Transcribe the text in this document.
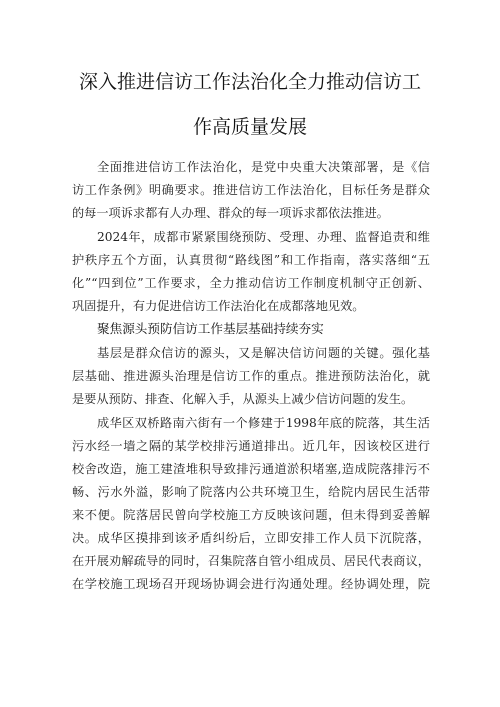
深入推进信访工作法治化全力推动信访工
作高质量发展
全面推进信访工作法治化，是党中央重大决策部署，是《信
访工作条例》明确要求。推进信访工作法治化，目标任务是群众
的每一项诉求都有人办理、群众的每一项诉求都依法推进。
2024年，成都市紧紧围绕预防、受理、办理、监督追责和维
护秩序五个方面，认真贯彻“路线图”和工作指南，落实落细“五
化”“四到位”工作要求，全力推动信访工作制度机制守正创新、
巩固提升，有力促进信访工作法治化在成都落地见效。
聚焦源头预防信访工作基层基础持续夯实
基层是群众信访的源头，又是解决信访问题的关键。强化基
层基础、推进源头治理是信访工作的重点。推进预防法治化，就
是要从预防、排查、化解入手，从源头上减少信访问题的发生。
成华区双桥路南六街有一个修建于1998年底的院落，其生活
污水经一墙之隔的某学校排污通道排出。近几年，因该校区进行
校舍改造，施工建渣堆积导致排污通道淤积堵塞,造成院落排污不
畅、污水外溢，影响了院落内公共环境卫生，给院内居民生活带
来不便。院落居民曾向学校施工方反映该问题，但未得到妥善解
决。成华区摸排到该矛盾纠纷后，立即安排工作人员下沉院落，
在开展劝解疏导的同时，召集院落自管小组成员、居民代表商议，
在学校施工现场召开现场协调会进行沟通处理。经协调处理，院
